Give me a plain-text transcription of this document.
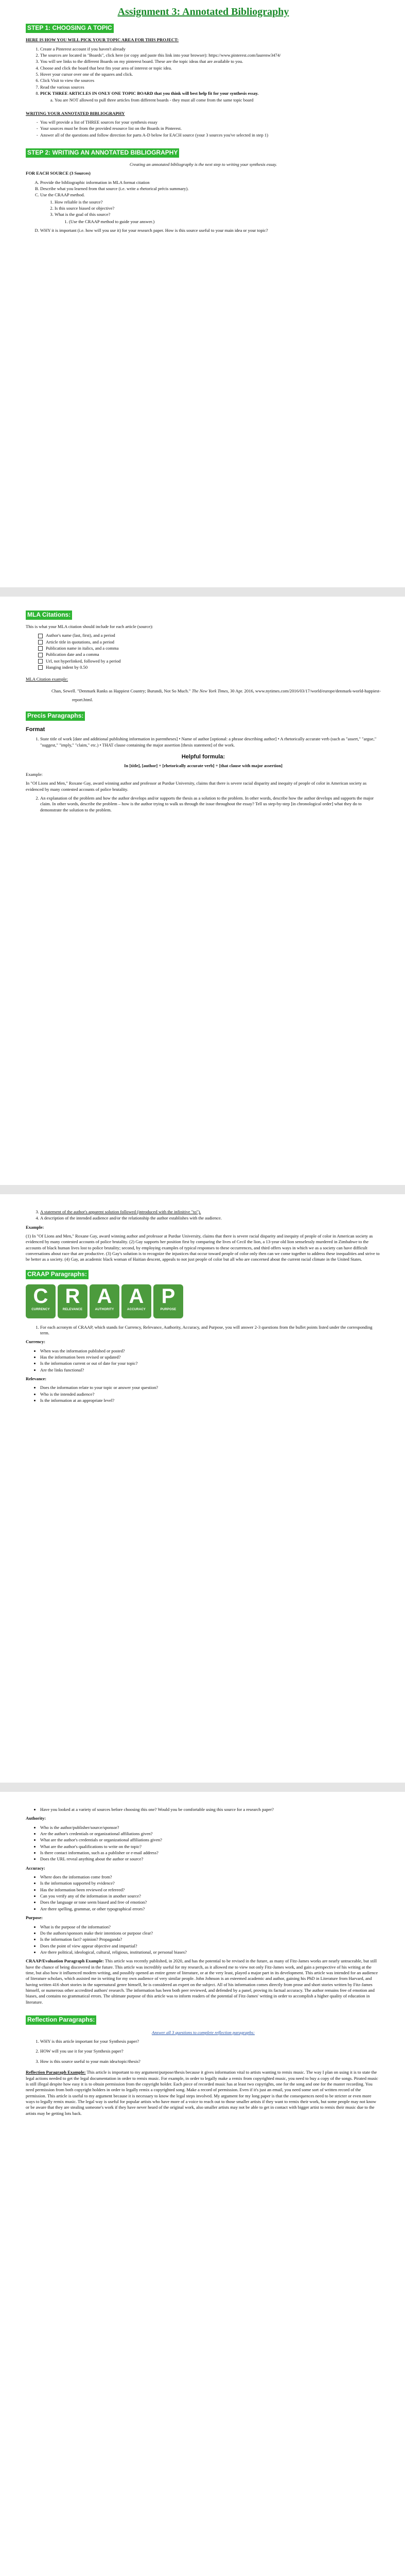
Assignment 3: Annotated Bibliography
STEP 1: CHOOSING A TOPIC

HERE IS HOW YOU WILL PICK YOUR TOPIC AREA FOR THIS PROJECT:

1. Create a Pinterest account if you haven't already
2. The sources are located in "Boards", click here (or copy and paste this link into your browser): https://www.pinterest.com/laurenw3474/
3. You will see links to the different Boards on my pinterest board. These are the topic ideas that are available to you.
4. Choose and click the board that best fits your area of interest or topic idea.
5. Hover your cursor over one of the squares and click.
6. Click Visit to view the sources
7. Read the various sources
8. PICK THREE ARTICLES IN ONLY ONE TOPIC BOARD that you think will best help fit for your synthesis essay.
a. You are NOT allowed to pull three articles from different boards - they must all come from the same topic board

WRITING YOUR ANNOTATED BIBLIOGRAPHY

- You will provide a list of THREE sources for your synthesis essay
- Your sources must be from the provided resource list on the Boards in Pinterest.
- Answer all of the questions and follow direction for parts A-D below for EACH source (your 3 sources you've selected in step 1)
STEP 2: WRITING AN ANNOTATED BIBLIOGRAPHY

Creating an annotated bibliography is the next step to writing your synthesis essay.

FOR EACH SOURCE (3 Sources)

A. Provide the bibliographic information in MLA format citation
B. Describe what you learned from that source (i.e. write a rhetorical précis summary).
C. Use the CRAAP method.
1. How reliable is the source?
2. Is this source biased or objective?
3. What is the goal of this source?
1. (Use the CRAAP method to guide your answer.)
D. WHY it is important (i.e. how will you use it) for your research paper. How is this source useful to your main idea or your topic?
MLA Citations:

This is what your MLA citation should include for each article (source):

Author's name (last, first), and a period
Article title in quotations, and a period
Publication name in italics, and a comma
Publication date and a comma
Url, not hyperlinked, followed by a period
Hanging indent by 0.50

MLA Citation example:

Chan, Sewell. "Denmark Ranks as Happiest Country; Burundi, Not So Much." The New York Times, 30 Apr. 2016, www.nytimes.com/2016/03/17/world/europe/denmark-world-happiest-report.html.
Precis Paragraphs:
Format
1. State title of work [date and additional publishing information in parentheses] • Name of author [optional: a phrase describing author] • A rhetorically accurate verb (such as "assert," "argue," "suggest," "imply," "claim," etc.) • THAT clause containing the major assertion [thesis statement] of the work.
Helpful formula:

In [title], [author] + [rhetorically accurate verb] + [that clause with major assertion]

Example:

In "Of Lions and Men," Roxane Gay, award winning author and professor at Purdue University, claims that there is severe racial disparity and inequity of people of color in American society as evidenced by many contested accounts of police brutality.

2. An explanation of the problem and how the author develops and/or supports the thesis as a solution to the problem. In other words, describe how the author develops and supports the major claim. In other words, describe the problem – how is the author trying to walk us through the issue throughout the essay? Tell us step-by-step [in chronological order] what they do to demonstrate the solution to the problem.
3. A statement of the author's apparent solution followed (introduced with the infinitive "to").
4. A description of the intended audience and/or the relationship the author establishes with the audience.

Example:

(1) In "Of Lions and Men," Roxane Gay, award winning author and professor at Purdue University, claims that there is severe racial disparity and inequity of people of color in American society as evidenced by many contested accounts of police brutality. (2) Gay supports her position first by comparing the lives of Cecil the lion, a 13-year old lion senselessly murdered in Zimbabwe to the accounts of black human lives lost to police brutality; second, by employing examples of typical responses to these occurrences, and third offers ways in which we as a society can have difficult conversations about race that are productive. (3) Gay's solution is to recognize the injustices that occur toward people of color only then can we come together to address these inequalities and strive to be better as a society. (4) Gay, an academic black woman of Haitian descent, appeals to not just people of color but all who are concerned about the current racial climate in the United States.

CRAAP Paragraphs:
C
CURRENCY
R
RELEVANCE
A
AUTHORITY
A
ACCURACY
P
PURPOSE
1. For each acronym of CRAAP, which stands for Currency, Relevance, Authority, Accuracy, and Purpose, you will answer 2-3 questions from the bullet points listed under the corresponding term.

Currency:

• When was the information published or posted?
• Has the information been revised or updated?
• Is the information current or out of date for your topic?
• Are the links functional?

Relevance:

• Does the information relate to your topic or answer your question?
• Who is the intended audience?
• Is the information at an appropriate level?
• Have you looked at a variety of sources before choosing this one? Would you be comfortable using this source for a research paper?

Authority:

• Who is the author/publisher/source/sponsor?
• Are the author's credentials or organizational affiliations given?
• What are the author's credentials or organizational affiliations given?
• What are the author's qualifications to write on the topic?
• Is there contact information, such as a publisher or e-mail address?
• Does the URL reveal anything about the author or source?

Accuracy:

• Where does the information come from?
• Is the information supported by evidence?
• Has the information been reviewed or refereed?
• Can you verify any of the information in another source?
• Does the language or tone seem biased and free of emotion?
• Are there spelling, grammar, or other typographical errors?

Purpose:

• What is the purpose of the information?
• Do the authors/sponsors make their intentions or purpose clear?
• Is the information fact? opinion? Propaganda?
• Does the point of view appear objective and impartial?
• Are there political, ideological, cultural, religious, institutional, or personal biases?

CRAAP/Evaluation Paragraph Example: This article was recently published, in 2020, and has the potential to be revised in the future, as many of Fitz-James works are nearly untraceable, but still have the chance of being discovered in the future. This article was incredibly useful for my research, as it allowed me to view not only Fitz-James work, and gain a perspective of his writing at the time, but also how it influenced modern writing, and possibly opened an entire genre of literature, or at the very least, played a major part in its development. This article was intended for an audience of literature scholars, which assisted me in writing for my own audience of very similar people. John Johnson is an esteemed academic and author, gaining his PhD in Literature from Harvard, and having written 416 short stories in the supernatural genre himself, he is considered an expert on the subject. All of his information comes directly from prose and short stories written by Fitz-James himself, or numerous other accredited authors' research. The information has been both peer reviewed, and defended by a panel, proving its factual accuracy. The author remains free of emotion and biases, and contains no grammatical errors. The ultimate purpose of this article was to inform readers of the potential of Fitz-James' writing in order to accomplish a higher quality of education in literature.

Reflection Paragraphs:

Answer all 3 questions to complete reflection paragraphs:

1. WHY is this article important for your Synthesis paper?
2. HOW will you use it for your Synthesis paper?
3. How is this source useful to your main idea/topic/thesis?

Reflection Paragraph Example: This article is important to my argument/purpose/thesis because it gives information vital to artists wanting to remix music. The way I plan on using it is to state the legal actions needed to get the legal documentation in order to remix music. For example, in order to legally make a remix from copyrighted music, you need to buy a copy of the songs. Pirated music is still illegal despite how easy it is to obtain permission from the copyright holder. Each piece of recorded music has at least two copyrights, one for the song and one for the master recording. You need permission from both copyright holders in order to legally remix a copyrighted song. Make a record of permission. Even if it's just an email, you need some sort of written record of the permission. This article is useful to my argument because it is necessary to know the legal steps involved. My argument for my long paper is that the consequences need to be stricter or even more ways to legally remix music. The legal way is useful for popular artists who have more of a voice to reach out to those smaller artists if they want to remix their work, but some people may not know or be aware that they are stealing someone's work if they have never heard of the original work, also smaller artists may not be able to get in contact with bigger artist to remix their music due to the artists may be getting lots back.
